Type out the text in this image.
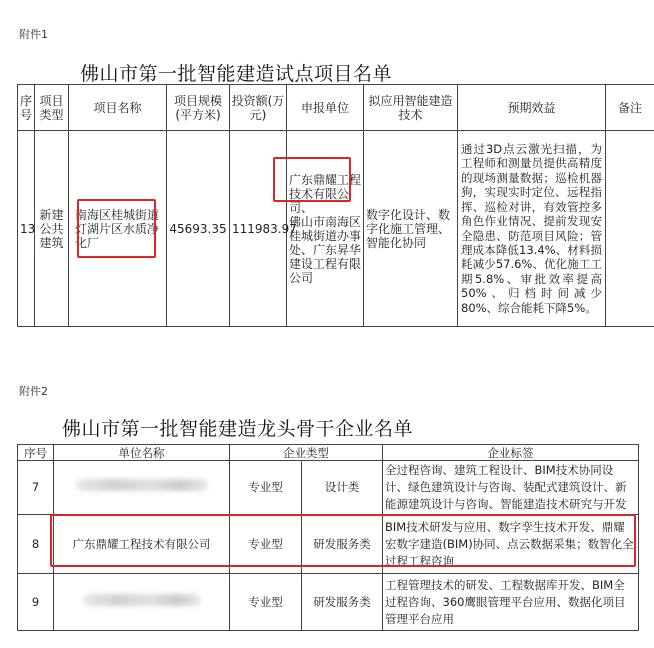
附件1
佛山市第一批智能建造试点项目名单
序号	项目类型	项目名称	项目规模(平方米)	投资额(万元)	申报单位	拟应用智能建造技术	预期效益	备注
13	新建公共建筑	南海区桂城街道灯湖片区水质净化厂	45693.35	111983.97	广东鼎耀工程技术有限公司、
佛山市南海区桂城街道办事处、广东昇华建设工程有限公司	数字化设计、数字化施工管理、智能化协同	通过3D点云激光扫描，为工程师和测量员提供高精度的现场测量数据；巡检机器狗，实现实时定位、远程指挥、巡检对讲，有效管控多角色作业情况、提前发现安全隐患、防范项目风险；管理成本降低13.4%、材料损耗减少57.6%、优化施工工期5.8%、审批效率提高50%、归档时间减少80%、综合能耗下降5%。	
附件2
佛山市第一批智能建造龙头骨干企业名单
序号	单位名称	企业类型		企业标签
7		专业型	设计类	全过程咨询、建筑工程设计、BIM技术协同设计、绿色建筑设计与咨询、装配式建筑设计、新能源建筑设计与咨询、智能建造技术研究与开发
8	广东鼎耀工程技术有限公司	专业型	研发服务类	BIM技术研发与应用、数字孪生技术开发、鼎耀宏数字建造(BIM)协同、点云数据采集；数智化全过程工程咨询
9		专业型	研发服务类	工程管理技术的研发、工程数据库开发、BIM全过程咨询、360鹰眼管理平台应用、数据化项目管理平台应用
